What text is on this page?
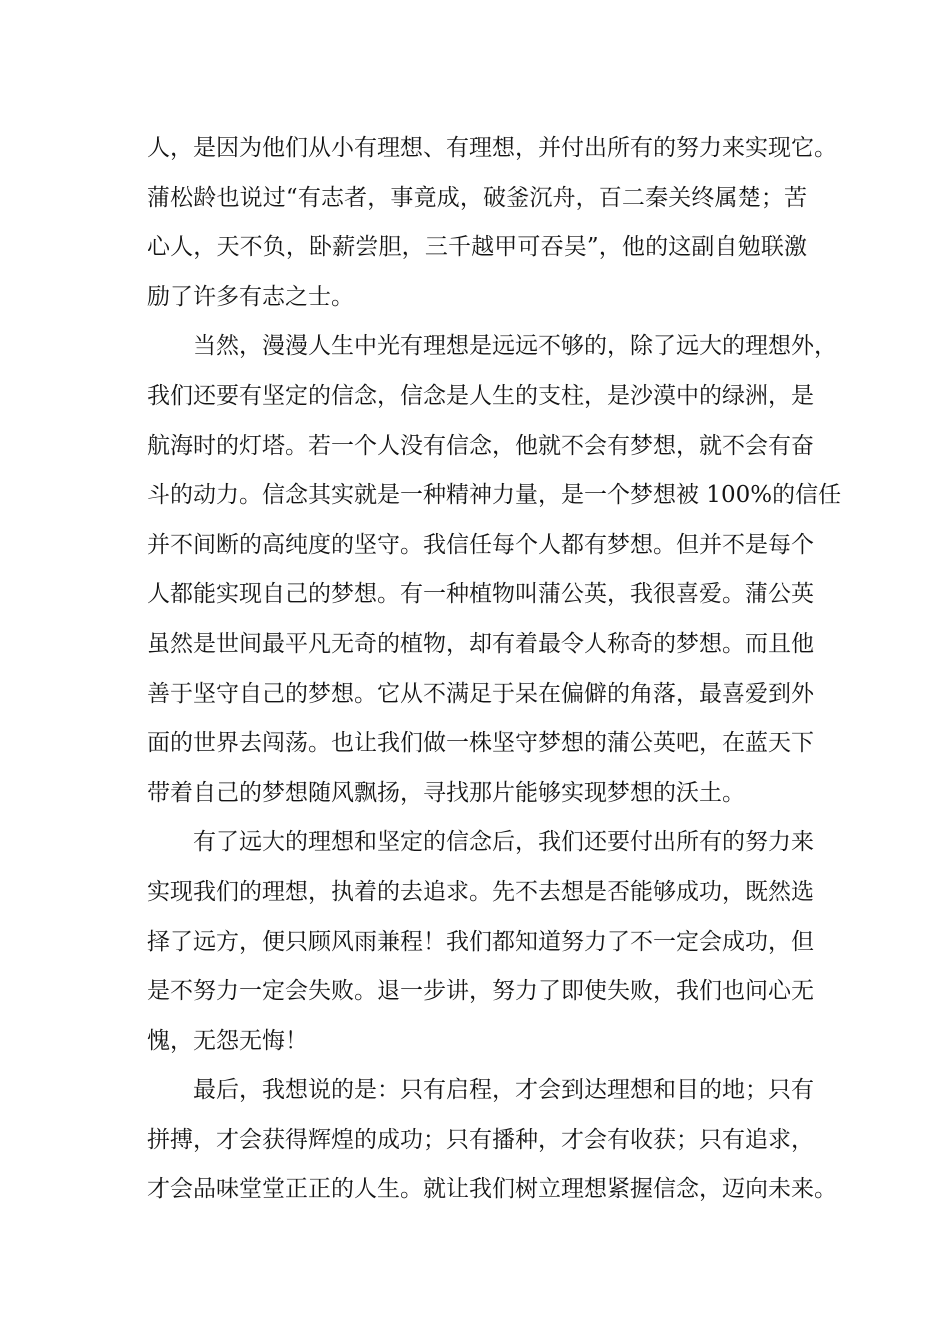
人，是因为他们从小有理想、有理想，并付出所有的努力来实现它。
蒲松龄也说过“有志者，事竟成，破釜沉舟，百二秦关终属楚；苦
心人，天不负，卧薪尝胆，三千越甲可吞吴”，他的这副自勉联激
励了许多有志之士。
当然，漫漫人生中光有理想是远远不够的，除了远大的理想外，
我们还要有坚定的信念，信念是人生的支柱，是沙漠中的绿洲，是
航海时的灯塔。若一个人没有信念，他就不会有梦想，就不会有奋
斗的动力。信念其实就是一种精神力量，是一个梦想被 100%的信任
并不间断的高纯度的坚守。我信任每个人都有梦想。但并不是每个
人都能实现自己的梦想。有一种植物叫蒲公英，我很喜爱。蒲公英
虽然是世间最平凡无奇的植物，却有着最令人称奇的梦想。而且他
善于坚守自己的梦想。它从不满足于呆在偏僻的角落，最喜爱到外
面的世界去闯荡。也让我们做一株坚守梦想的蒲公英吧，在蓝天下
带着自己的梦想随风飘扬，寻找那片能够实现梦想的沃土。
有了远大的理想和坚定的信念后，我们还要付出所有的努力来
实现我们的理想，执着的去追求。先不去想是否能够成功，既然选
择了远方，便只顾风雨兼程！我们都知道努力了不一定会成功，但
是不努力一定会失败。退一步讲，努力了即使失败，我们也问心无
愧，无怨无悔！
最后，我想说的是：只有启程，才会到达理想和目的地；只有
拼搏，才会获得辉煌的成功；只有播种，才会有收获；只有追求，
才会品味堂堂正正的人生。就让我们树立理想紧握信念，迈向未来。
